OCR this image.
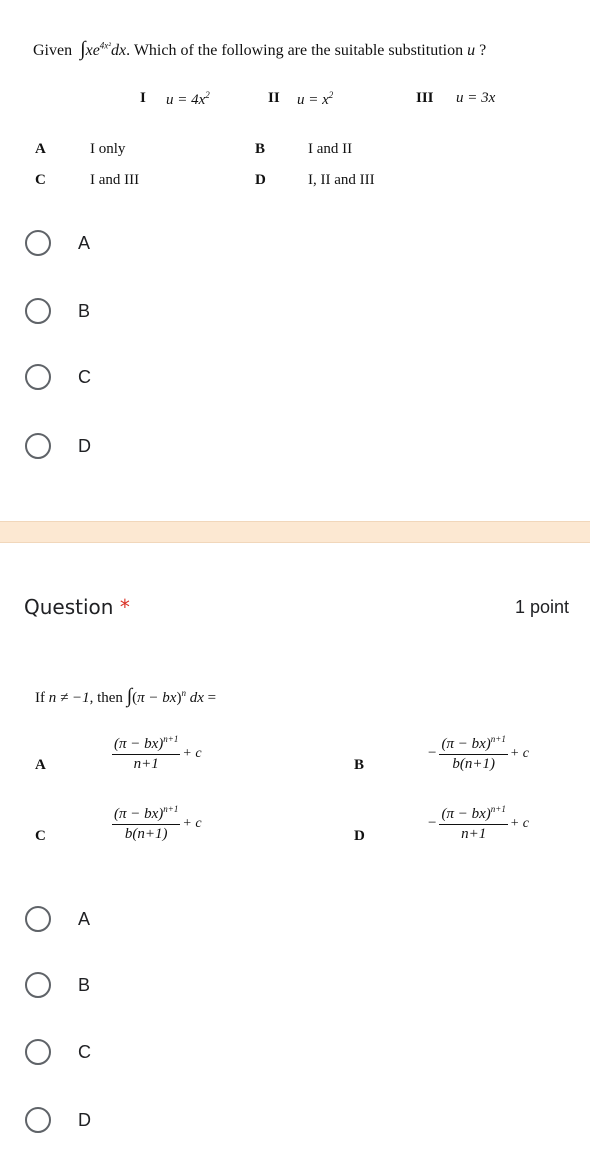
Given $\int xe^{4x^2}dx$. Which of the following are the suitable substitution u ?
I $u = 4x^2$	II $u = x^2$	III u = 3x
A	I only	B	I and II
C	I and III	D	I, II and III
A
B
C
D
Question *	1 point
If n ≠ −1, then ∫(π − bx)$^n$ dx =
A	$\frac{(\pi - bx)^{n+1}}{n+1} + c$
B
− $\frac{(\pi - bx)^{n+1}}{b(n+1)} + c$
C	$\frac{(\pi - bx)^{n+1}}{b(n+1)} + c$
D
− $\frac{(\pi - bx)^{n+1}}{n+1} + c$
A
B
C
D
